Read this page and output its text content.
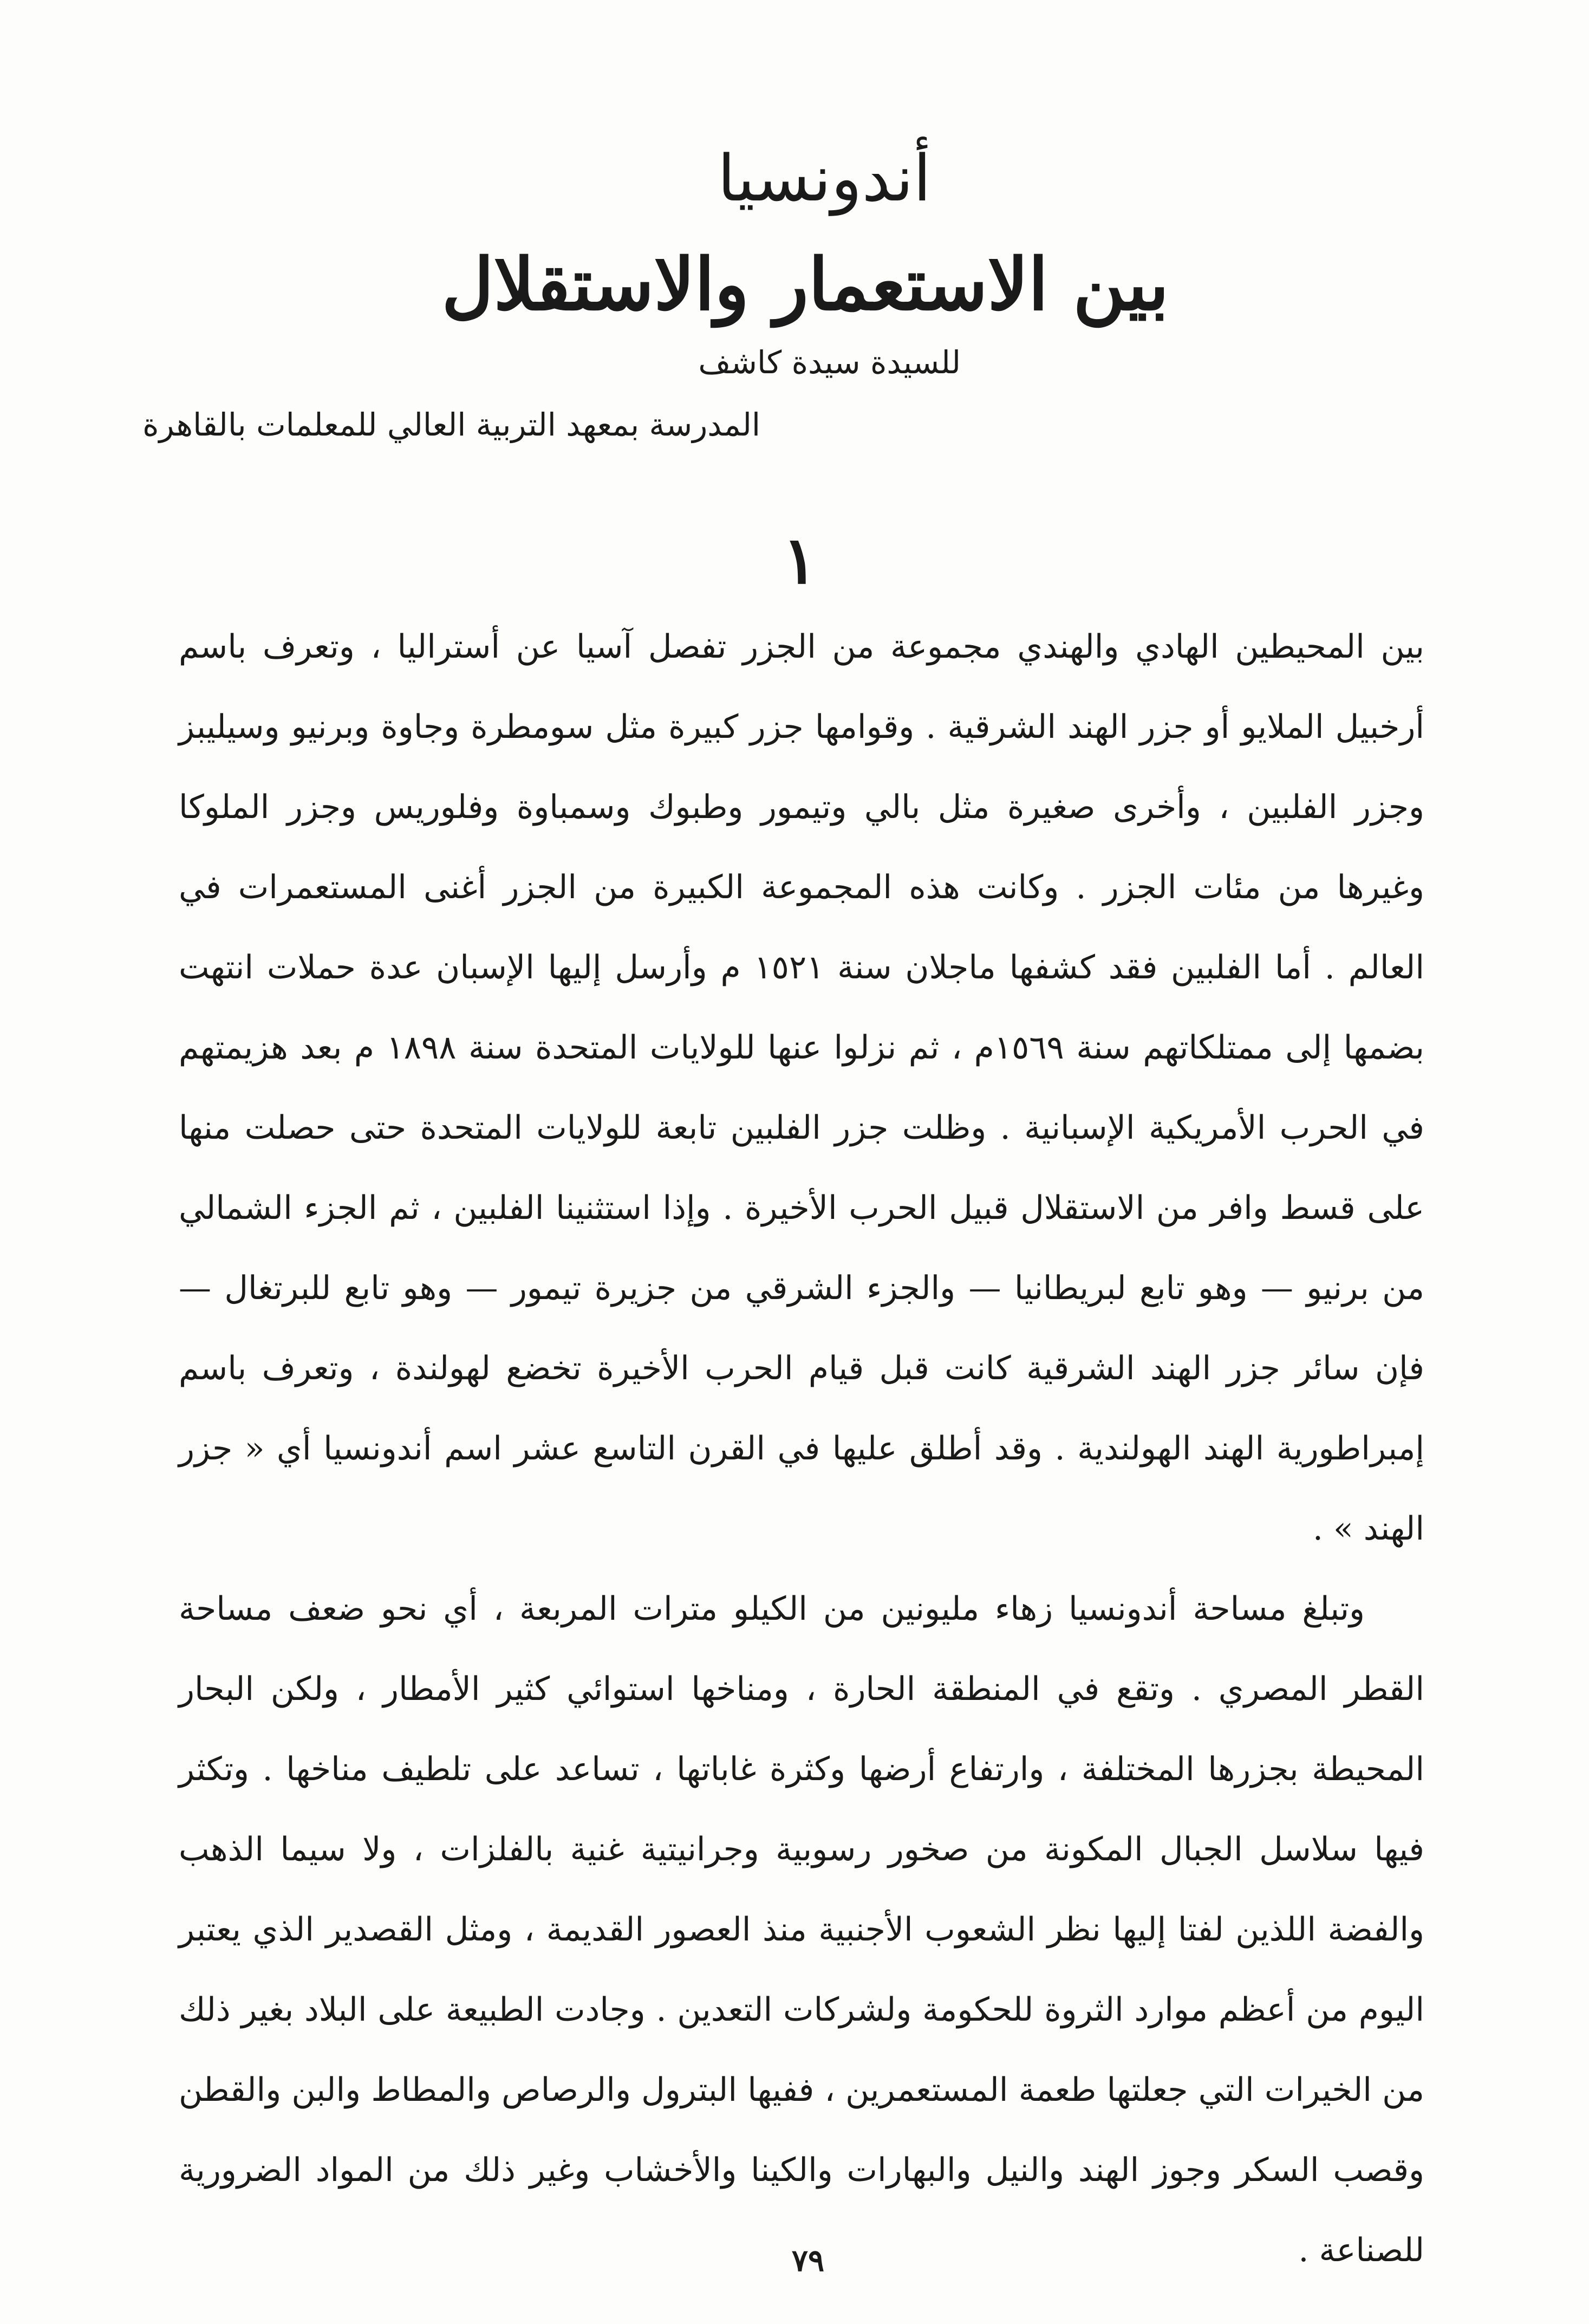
أندونسيا
بين الاستعمار والاستقلال
للسيدة سيدة كاشف
المدرسة بمعهد التربية العالي للمعلمات بالقاهرة
١

بين المحيطين الهادي والهندي مجموعة من الجزر تفصل آسيا عن أستراليا ، وتعرف باسم أرخبيل الملايو أو جزر الهند الشرقية . وقوامها جزر كبيرة مثل سومطرة وجاوة وبرنيو وسيليبز وجزر الفلبين ، وأخرى صغيرة مثل بالي وتيمور وطبوك وسمباوة وفلوريس وجزر الملوكا وغيرها من مئات الجزر . وكانت هذه المجموعة الكبيرة من الجزر أغنى المستعمرات في العالم . أما الفلبين فقد كشفها ماجلان سنة ١٥٢١ م وأرسل إليها الإسبان عدة حملات انتهت بضمها إلى ممتلكاتهم سنة ١٥٦٩م ، ثم نزلوا عنها للولايات المتحدة سنة ١٨٩٨ م بعد هزيمتهم في الحرب الأمريكية الإسبانية . وظلت جزر الفلبين تابعة للولايات المتحدة حتى حصلت منها على قسط وافر من الاستقلال قبيل الحرب الأخيرة . وإذا استثنينا الفلبين ، ثم الجزء الشمالي من برنيو — وهو تابع لبريطانيا — والجزء الشرقي من جزيرة تيمور — وهو تابع للبرتغال — فإن سائر جزر الهند الشرقية كانت قبل قيام الحرب الأخيرة تخضع لهولندة ، وتعرف باسم إمبراطورية الهند الهولندية . وقد أطلق عليها في القرن التاسع عشر اسم أندونسيا أي « جزر الهند » .

وتبلغ مساحة أندونسيا زهاء مليونين من الكيلو مترات المربعة ، أي نحو ضعف مساحة القطر المصري . وتقع في المنطقة الحارة ، ومناخها استوائي كثير الأمطار ، ولكن البحار المحيطة بجزرها المختلفة ، وارتفاع أرضها وكثرة غاباتها ، تساعد على تلطيف مناخها . وتكثر فيها سلاسل الجبال المكونة من صخور رسوبية وجرانيتية غنية بالفلزات ، ولا سيما الذهب والفضة اللذين لفتا إليها نظر الشعوب الأجنبية منذ العصور القديمة ، ومثل القصدير الذي يعتبر اليوم من أعظم موارد الثروة للحكومة ولشركات التعدين . وجادت الطبيعة على البلاد بغير ذلك من الخيرات التي جعلتها طعمة المستعمرين ، ففيها البترول والرصاص والمطاط والبن والقطن وقصب السكر وجوز الهند والنيل والبهارات والكينا والأخشاب وغير ذلك من المواد الضرورية للصناعة .

٧٩
